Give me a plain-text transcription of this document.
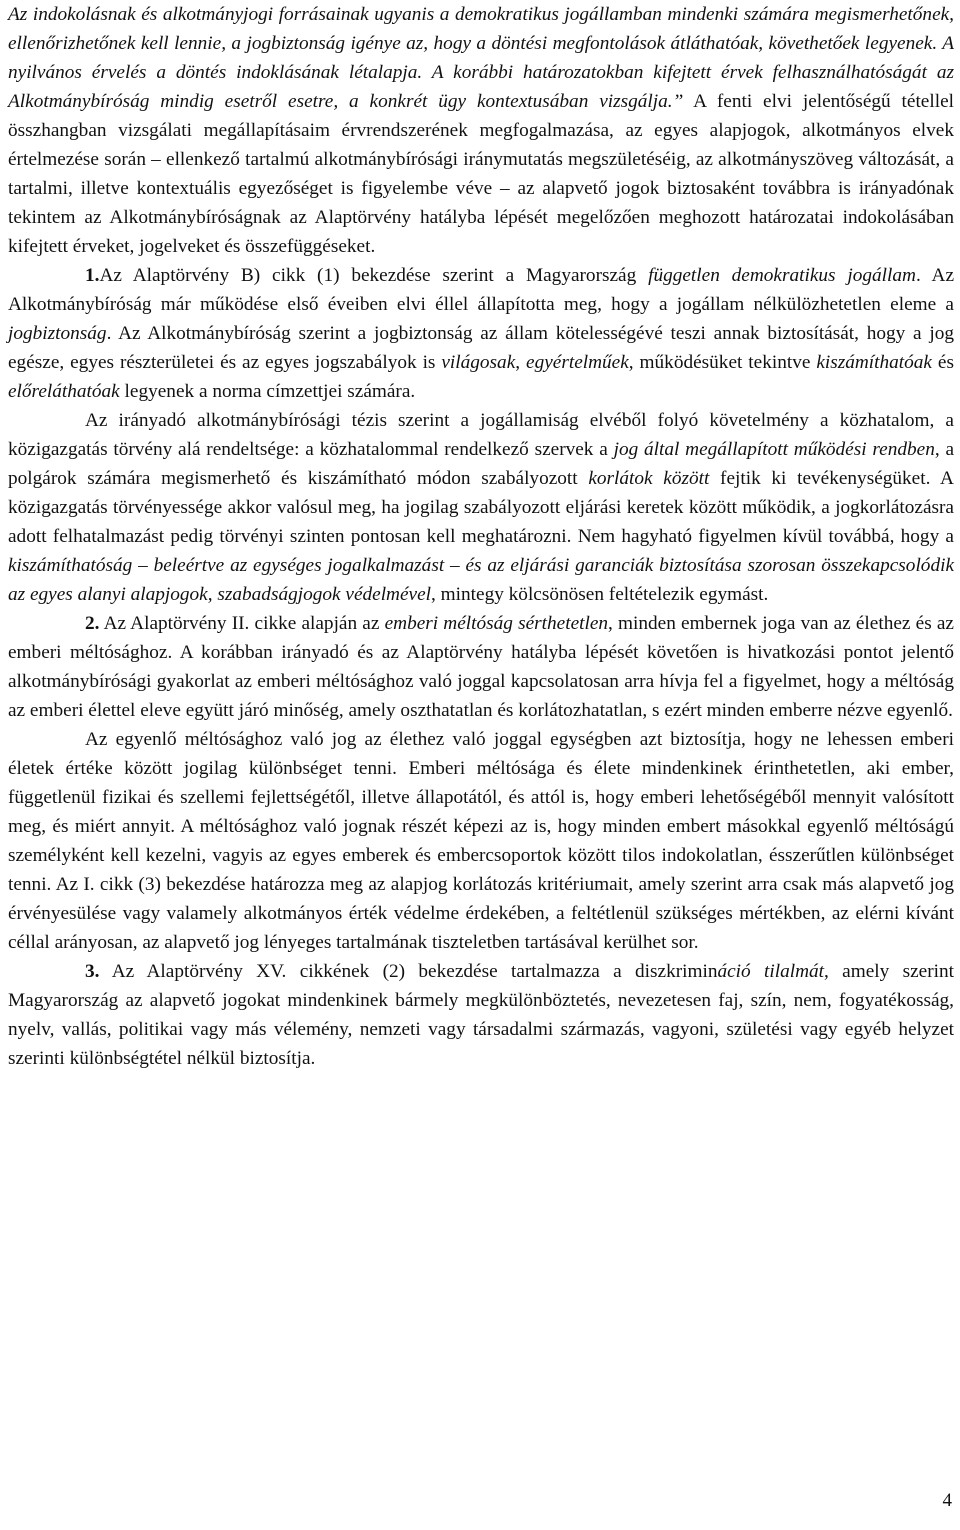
Az indokolásnak és alkotmányjogi forrásainak ugyanis a demokratikus jogállamban mindenki számára megismerhetőnek, ellenőrizhetőnek kell lennie, a jogbiztonság igénye az, hogy a döntési megfontolások átláthatóak, követhetőek legyenek. A nyilvános érvelés a döntés indoklásának létalapja. A korábbi határozatokban kifejtett érvek felhasználhatóságát az Alkotmánybíróság mindig esetről esetre, a konkrét ügy kontextusában vizsgálja.” A fenti elvi jelentőségű tétellel összhangban vizsgálati megállapításaim érvrendszerének megfogalmazása, az egyes alapjogok, alkotmányos elvek értelmezése során – ellenkező tartalmú alkotmánybírósági iránymutatás megszületéséig, az alkotmányszöveg változását, a tartalmi, illetve kontextuális egyezőséget is figyelembe véve – az alapvető jogok biztosaként továbbra is irányadónak tekintem az Alkotmánybíróságnak az Alaptörvény hatályba lépését megelőzően meghozott határozatai indokolásában kifejtett érveket, jogelveket és összefüggéseket.

1.Az Alaptörvény B) cikk (1) bekezdése szerint a Magyarország független demokratikus jogállam. Az Alkotmánybíróság már működése első éveiben elvi éllel állapította meg, hogy a jogállam nélkülözhetetlen eleme a jogbiztonság. Az Alkotmánybíróság szerint a jogbiztonság az állam kötelességévé teszi annak biztosítását, hogy a jog egésze, egyes részterületei és az egyes jogszabályok is világosak, egyértelműek, működésüket tekintve kiszámíthatóak és előreláthatóak legyenek a norma címzettjei számára.

Az irányadó alkotmánybírósági tézis szerint a jogállamiság elvéből folyó követelmény a közhatalom, a közigazgatás törvény alá rendeltsége: a közhatalommal rendelkező szervek a jog által megállapított működési rendben, a polgárok számára megismerhető és kiszámítható módon szabályozott korlátok között fejtik ki tevékenységüket. A közigazgatás törvényessége akkor valósul meg, ha jogilag szabályozott eljárási keretek között működik, a jogkorlátozásra adott felhatalmazást pedig törvényi szinten pontosan kell meghatározni. Nem hagyható figyelmen kívül továbbá, hogy a kiszámíthatóság – beleértve az egységes jogalkalmazást – és az eljárási garanciák biztosítása szorosan összekapcsolódik az egyes alanyi alapjogok, szabadságjogok védelmével, mintegy kölcsönösen feltételezik egymást.

2. Az Alaptörvény II. cikke alapján az emberi méltóság sérthetetlen, minden embernek joga van az élethez és az emberi méltósághoz. A korábban irányadó és az Alaptörvény hatályba lépését követően is hivatkozási pontot jelentő alkotmánybírósági gyakorlat az emberi méltósághoz való joggal kapcsolatosan arra hívja fel a figyelmet, hogy a méltóság az emberi élettel eleve együtt járó minőség, amely oszthatatlan és korlátozhatatlan, s ezért minden emberre nézve egyenlő.

Az egyenlő méltósághoz való jog az élethez való joggal egységben azt biztosítja, hogy ne lehessen emberi életek értéke között jogilag különbséget tenni. Emberi méltósága és élete mindenkinek érinthetetlen, aki ember, függetlenül fizikai és szellemi fejlettségétől, illetve állapotától, és attól is, hogy emberi lehetőségéből mennyit valósított meg, és miért annyit. A méltósághoz való jognak részét képezi az is, hogy minden embert másokkal egyenlő méltóságú személyként kell kezelni, vagyis az egyes emberek és embercsoportok között tilos indokolatlan, ésszerűtlen különbséget tenni. Az I. cikk (3) bekezdése határozza meg az alapjog korlátozás kritériumait, amely szerint arra csak más alapvető jog érvényesülése vagy valamely alkotmányos érték védelme érdekében, a feltétlenül szükséges mértékben, az elérni kívánt céllal arányosan, az alapvető jog lényeges tartalmának tiszteletben tartásával kerülhet sor.

3. Az Alaptörvény XV. cikkének (2) bekezdése tartalmazza a diszkrimináció tilalmát, amely szerint Magyarország az alapvető jogokat mindenkinek bármely megkülönböztetés, nevezetesen faj, szín, nem, fogyatékosság, nyelv, vallás, politikai vagy más vélemény, nemzeti vagy társadalmi származás, vagyoni, születési vagy egyéb helyzet szerinti különbségtétel nélkül biztosítja.

4
